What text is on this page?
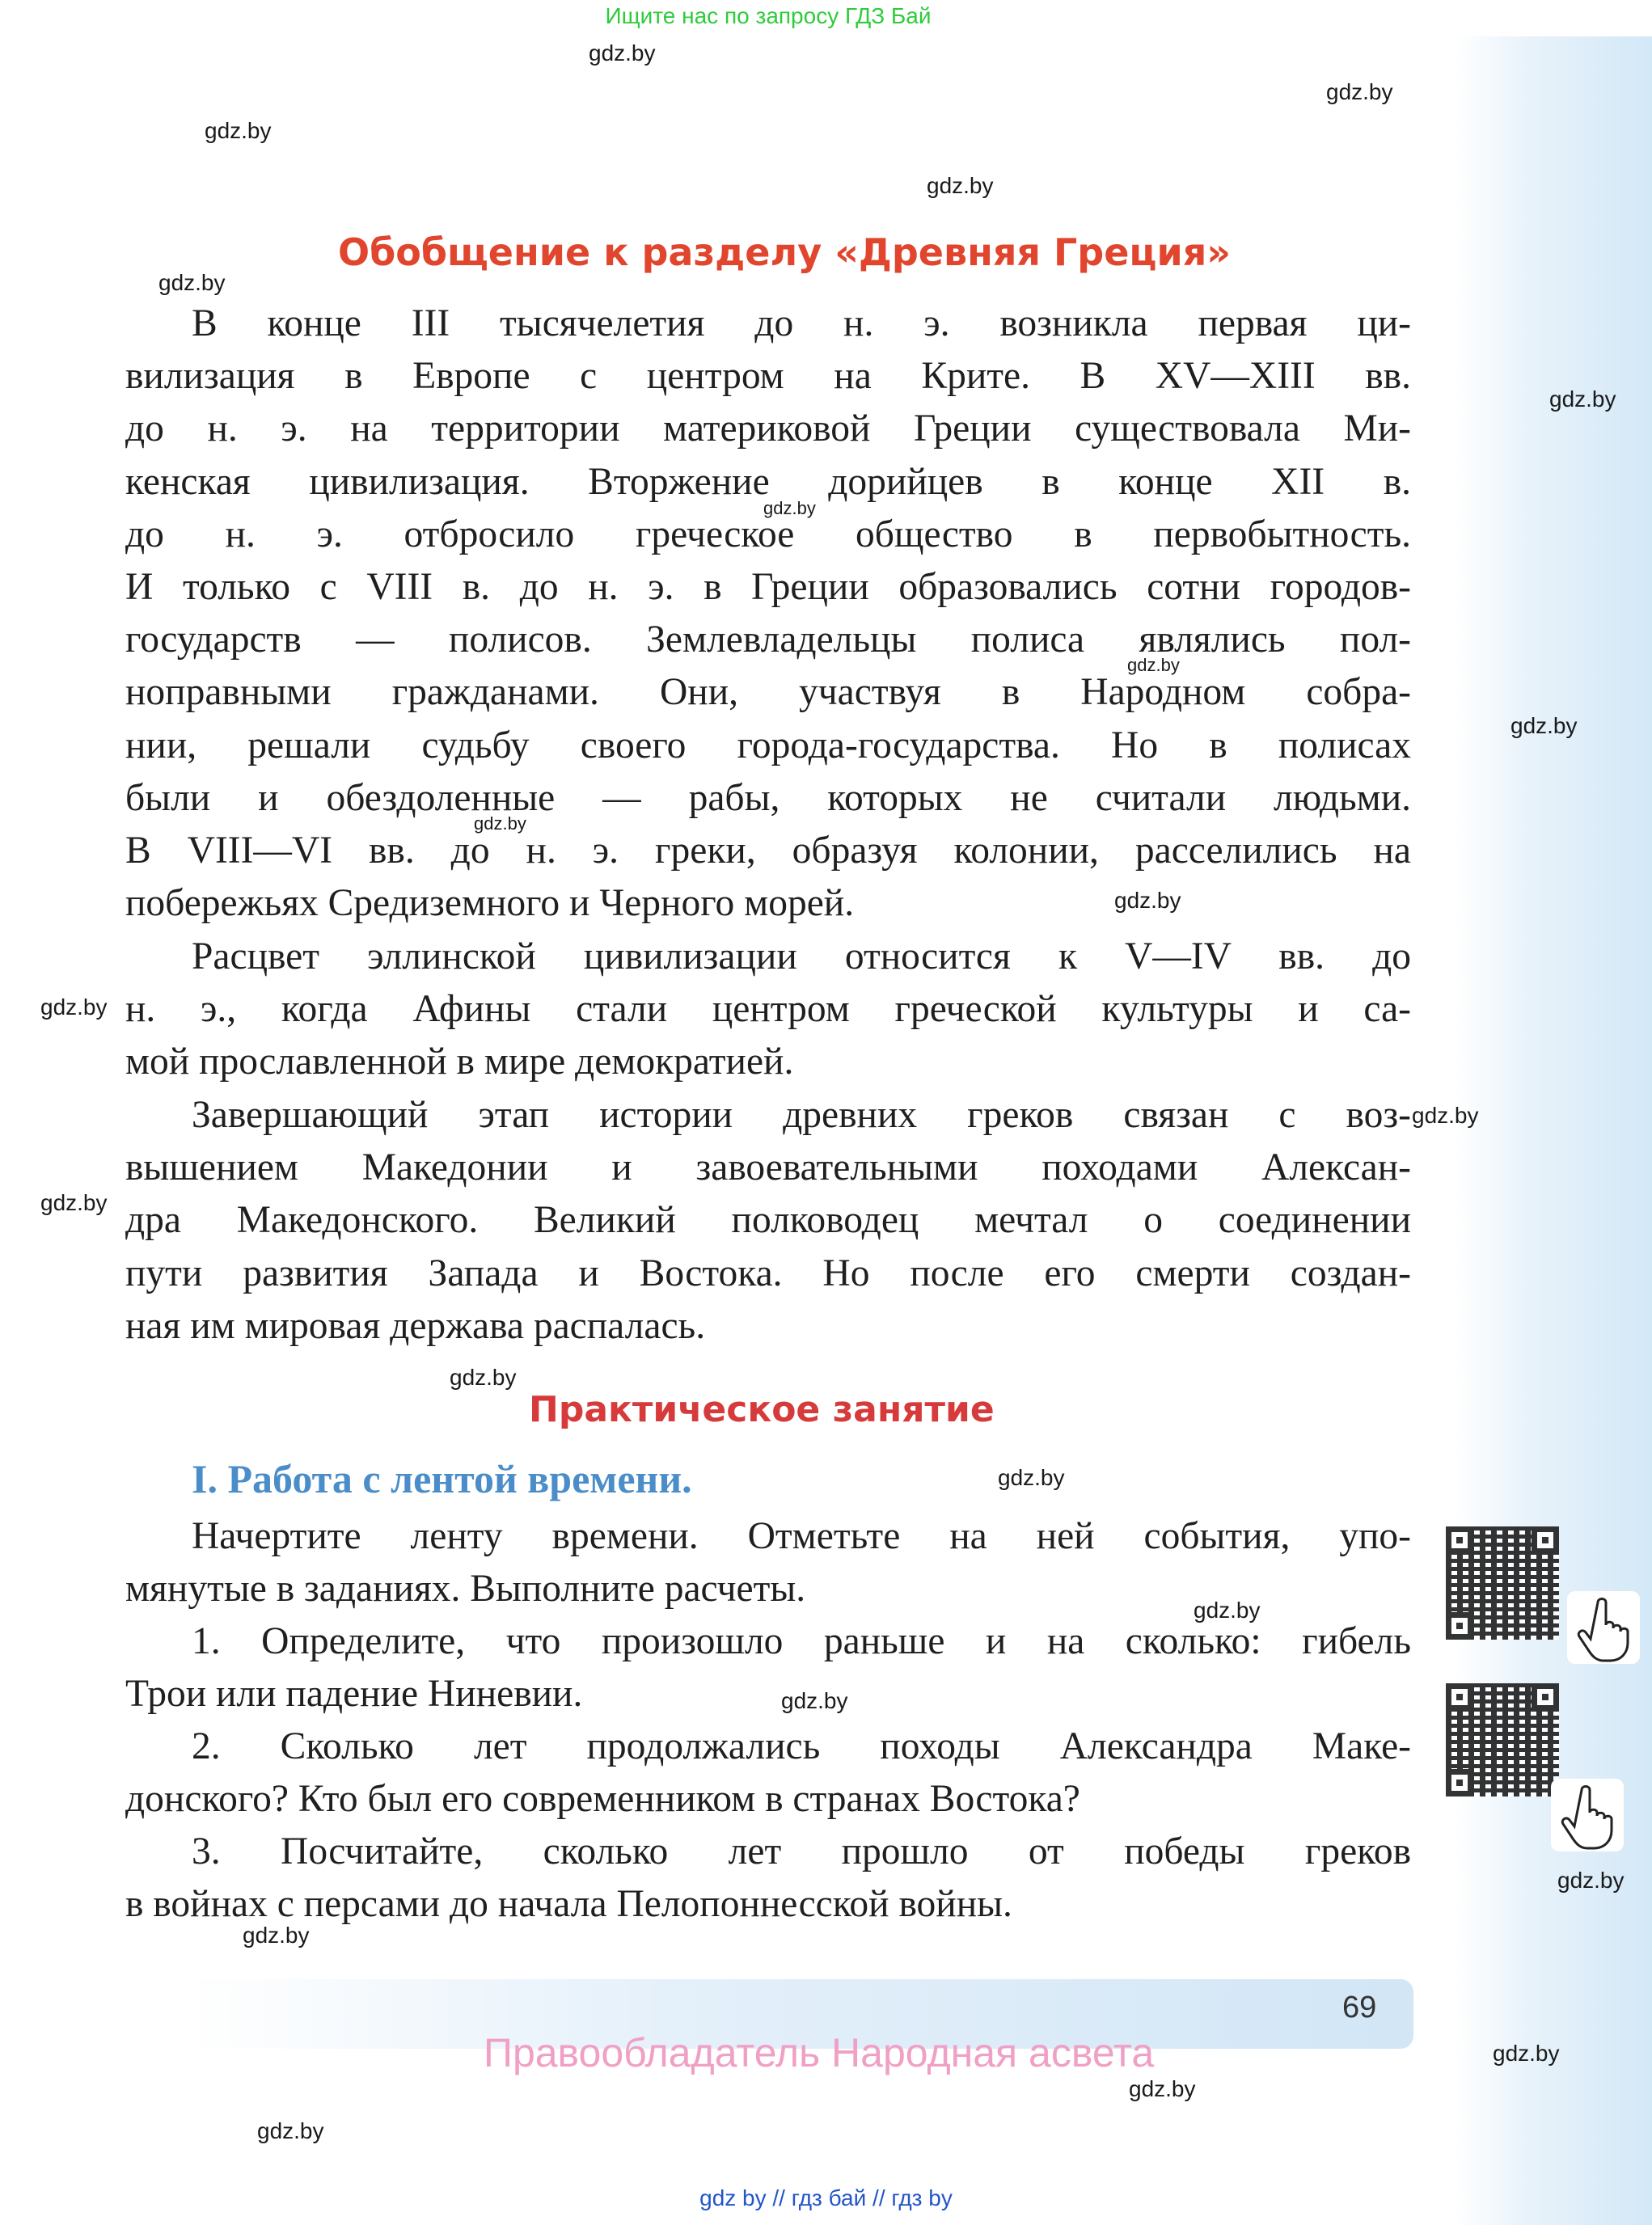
Ищите нас по запросу ГДЗ Бай
gdz.by
gdz.by
gdz.by
gdz.by
gdz.by
gdz.by
gdz.by
gdz.by
gdz.by
gdz.by
gdz.by
gdz.by
gdz.by
gdz.by
gdz.by
gdz.by
gdz.by
gdz.by
gdz.by
gdz.by
gdz.by
gdz.by
gdz.by
Обобщение к разделу «Древняя Греция»
В конце III тысячелетия до н. э. возникла первая ци-
вилизация в Европе с центром на Крите. В XV—XIII вв.
до н. э. на территории материковой Греции существовала Ми-
кенская цивилизация. Вторжение дорийцев в конце XII в.
до н. э. отбросило греческое общество в первобытность.
И только с VIII в. до н. э. в Греции образовались сотни городов-
государств — полисов. Землевладельцы полиса являлись пол-
ноправными гражданами. Они, участвуя в Народном собра-
нии, решали судьбу своего города-государства. Но в полисах
были и обездоленные — рабы, которых не считали людьми.
В VIII—VI вв. до н. э. греки, образуя колонии, расселились на
побережьях Средиземного и Черного морей.
Расцвет эллинской цивилизации относится к V—IV вв. до
н. э., когда Афины стали центром греческой культуры и са-
мой прославленной в мире демократией.
Завершающий этап истории древних греков связан с воз-
вышением Македонии и завоевательными походами Алексан-
дра Македонского. Великий полководец мечтал о соединении
пути развития Запада и Востока. Но после его смерти создан-
ная им мировая держава распалась.
Практическое занятие
I. Работа с лентой времени.
Начертите ленту времени. Отметьте на ней события, упо-
мянутые в заданиях. Выполните расчеты.
1. Определите, что произошло раньше и на сколько: гибель
Трои или падение Ниневии.
2. Сколько лет продолжались походы Александра Маке-
донского? Кто был его современником в странах Востока?
3. Посчитайте, сколько лет прошло от победы греков
в войнах с персами до начала Пелопоннесской войны.
69
Правообладатель Народная асвета
gdz by // гдз бай // гдз by
